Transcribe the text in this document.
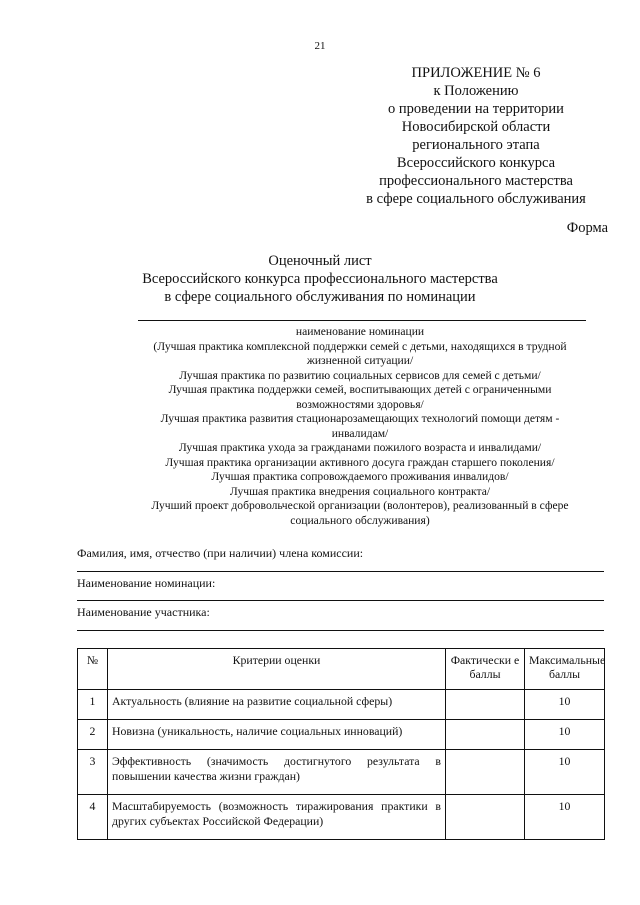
21
ПРИЛОЖЕНИЕ № 6
к Положению
о проведении на территории
Новосибирской области
регионального этапа
Всероссийского конкурса
профессионального мастерства
в сфере социального обслуживания
Форма
Оценочный лист
Всероссийского конкурса профессионального мастерства
в сфере социального обслуживания по номинации
наименование номинации
(Лучшая практика комплексной поддержки семей с детьми, находящихся в трудной
жизненной ситуации/
Лучшая практика по развитию социальных сервисов для семей с детьми/
Лучшая практика поддержки семей, воспитывающих детей с ограниченными
возможностями здоровья/
Лучшая практика развития стационарозамещающих технологий помощи детям -
инвалидам/
Лучшая практика ухода за гражданами пожилого возраста и инвалидами/
Лучшая практика организации активного досуга граждан старшего поколения/
Лучшая практика сопровождаемого проживания инвалидов/
Лучшая практика внедрения социального контракта/
Лучший проект добровольческой организации (волонтеров), реализованный в сфере
социального обслуживания)
Фамилия, имя, отчество (при наличии) члена комиссии:
Наименование номинации:
Наименование участника:
№	Критерии оценки	Фактически е баллы	Максимальные баллы
1	Актуальность (влияние на развитие социальной сферы)		10
2	Новизна (уникальность, наличие социальных инноваций)		10
3	Эффективность (значимость достигнутого результата в повышении качества жизни граждан)		10
4	Масштабируемость (возможность тиражирования практики в других субъектах Российской Федерации)		10
